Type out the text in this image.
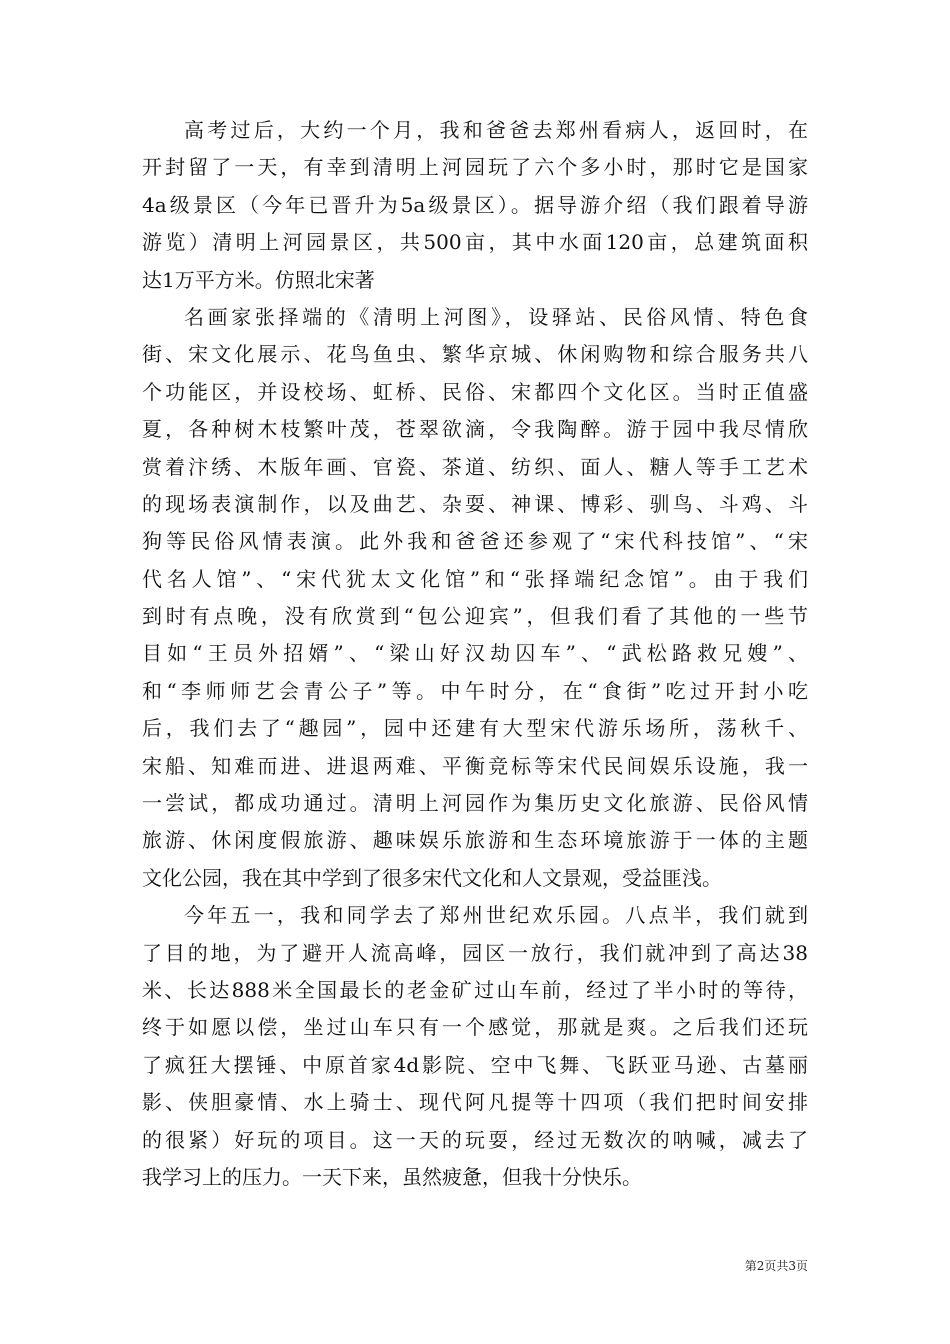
高考过后，大约一个月，我和爸爸去郑州看病人，返回时，在
开封留了一天，有幸到清明上河园玩了六个多小时，那时它是国家
4a级景区（今年已晋升为5a级景区）。据导游介绍（我们跟着导游
游览）清明上河园景区，共500亩，其中水面120亩，总建筑面积
达1万平方米。仿照北宋著
名画家张择端的《清明上河图》，设驿站、民俗风情、特色食
街、宋文化展示、花鸟鱼虫、繁华京城、休闲购物和综合服务共八
个功能区，并设校场、虹桥、民俗、宋都四个文化区。当时正值盛
夏，各种树木枝繁叶茂，苍翠欲滴，令我陶醉。游于园中我尽情欣
赏着汴绣、木版年画、官瓷、茶道、纺织、面人、糖人等手工艺术
的现场表演制作，以及曲艺、杂耍、神课、博彩、驯鸟、斗鸡、斗
狗等民俗风情表演。此外我和爸爸还参观了“宋代科技馆”、“宋
代名人馆”、“宋代犹太文化馆”和“张择端纪念馆”。由于我们
到时有点晚，没有欣赏到“包公迎宾”，但我们看了其他的一些节
目如“王员外招婿”、“梁山好汉劫囚车”、“武松路救兄嫂”、
和“李师师艺会青公子”等。中午时分，在“食街”吃过开封小吃
后，我们去了“趣园”，园中还建有大型宋代游乐场所，荡秋千、
宋船、知难而进、进退两难、平衡竞标等宋代民间娱乐设施，我一
一尝试，都成功通过。清明上河园作为集历史文化旅游、民俗风情
旅游、休闲度假旅游、趣味娱乐旅游和生态环境旅游于一体的主题
文化公园，我在其中学到了很多宋代文化和人文景观，受益匪浅。
今年五一，我和同学去了郑州世纪欢乐园。八点半，我们就到
了目的地，为了避开人流高峰，园区一放行，我们就冲到了高达38
米、长达888米全国最长的老金矿过山车前，经过了半小时的等待，
终于如愿以偿，坐过山车只有一个感觉，那就是爽。之后我们还玩
了疯狂大摆锤、中原首家4d影院、空中飞舞、飞跃亚马逊、古墓丽
影、侠胆豪情、水上骑士、现代阿凡提等十四项（我们把时间安排
的很紧）好玩的项目。这一天的玩耍，经过无数次的呐喊，减去了
我学习上的压力。一天下来，虽然疲惫，但我十分快乐。
第2页共3页
